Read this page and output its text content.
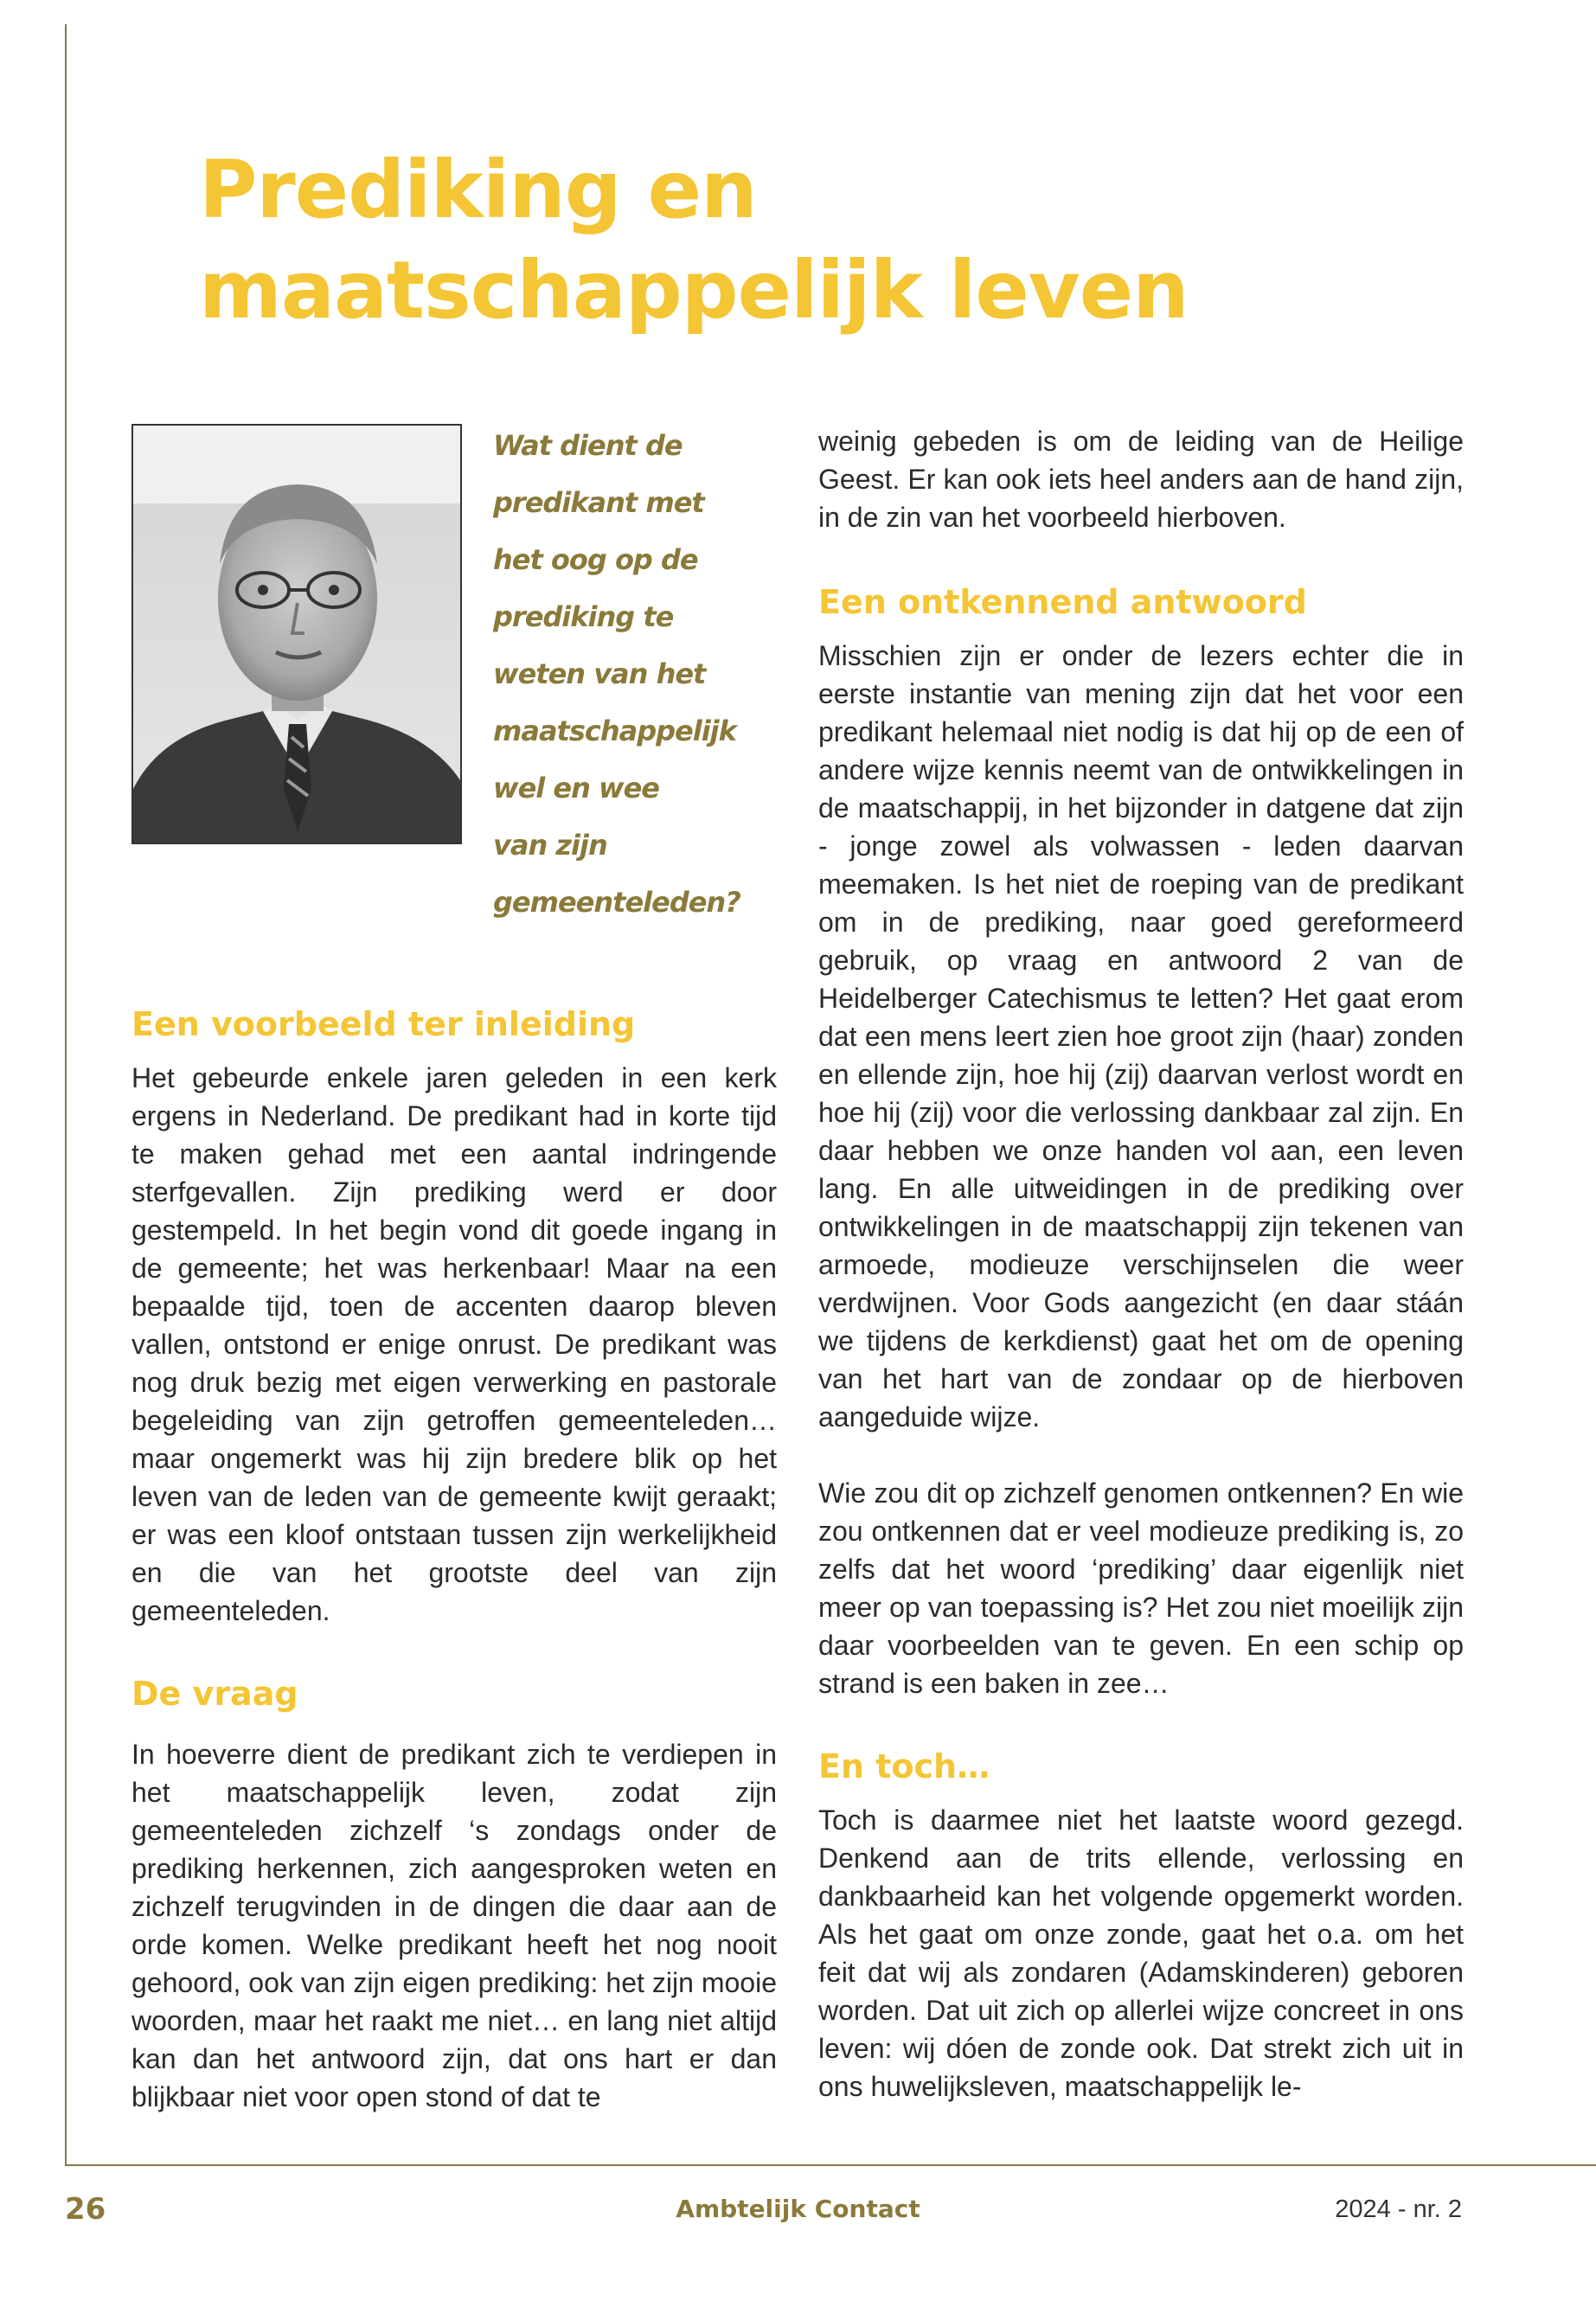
Prediking en
maatschappelijk leven
Wat dient de
predikant met
het oog op de
prediking te
weten van het
maatschappelijk
wel en wee
van zijn
gemeenteleden?
Een voorbeeld ter inleiding

Het gebeurde enkele jaren geleden in een kerk ergens in Nederland. De predikant had in korte tijd te maken gehad met een aantal indringende sterfgevallen. Zijn prediking werd er door gestempeld. In het begin vond dit goede ingang in de gemeente; het was herkenbaar! Maar na een bepaalde tijd, toen de accenten daarop bleven vallen, ontstond er enige onrust. De predikant was nog druk bezig met eigen verwerking en pastorale begeleiding van zijn getroffen gemeenteleden… maar ongemerkt was hij zijn bredere blik op het leven van de leden van de gemeente kwijt geraakt; er was een kloof ontstaan tussen zijn werkelijkheid en die van het grootste deel van zijn gemeenteleden.

De vraag

In hoeverre dient de predikant zich te verdiepen in het maatschappelijk leven, zodat zijn gemeenteleden zichzelf ‘s zondags onder de prediking herkennen, zich aangesproken weten en zichzelf terugvinden in de dingen die daar aan de orde komen. Welke predikant heeft het nog nooit gehoord, ook van zijn eigen prediking: het zijn mooie woorden, maar het raakt me niet… en lang niet altijd kan dan het antwoord zijn, dat ons hart er dan blijkbaar niet voor open stond of dat te

weinig gebeden is om de leiding van de Heilige Geest. Er kan ook iets heel anders aan de hand zijn, in de zin van het voorbeeld hierboven.

Een ontkennend antwoord

Misschien zijn er onder de lezers echter die in eerste instantie van mening zijn dat het voor een predikant helemaal niet nodig is dat hij op de een of andere wijze kennis neemt van de ontwikkelingen in de maatschappij, in het bijzonder in datgene dat zijn - jonge zowel als volwassen - leden daarvan meemaken. Is het niet de roeping van de predikant om in de prediking, naar goed gereformeerd gebruik, op vraag en antwoord 2 van de Heidelberger Catechismus te letten? Het gaat erom dat een mens leert zien hoe groot zijn (haar) zonden en ellende zijn, hoe hij (zij) daarvan verlost wordt en hoe hij (zij) voor die verlossing dankbaar zal zijn. En daar hebben we onze handen vol aan, een leven lang. En alle uitweidingen in de prediking over ontwikkelingen in de maatschappij zijn tekenen van armoede, modieuze verschijnselen die weer verdwijnen. Voor Gods aangezicht (en daar stáán we tijdens de kerkdienst) gaat het om de opening van het hart van de zondaar op de hierboven aangeduide wijze.

Wie zou dit op zichzelf genomen ontkennen? En wie zou ontkennen dat er veel modieuze prediking is, zo zelfs dat het woord ‘prediking’ daar eigenlijk niet meer op van toepassing is? Het zou niet moeilijk zijn daar voorbeelden van te geven. En een schip op strand is een baken in zee…

En toch…

Toch is daarmee niet het laatste woord gezegd. Denkend aan de trits ellende, verlossing en dankbaarheid kan het volgende opgemerkt worden. Als het gaat om onze zonde, gaat het o.a. om het feit dat wij als zondaren (Adamskinderen) geboren worden. Dat uit zich op allerlei wijze concreet in ons leven: wij dóen de zonde ook. Dat strekt zich uit in ons huwelijksleven, maatschappelijk le-

Ambtelijk Contact
26	2024 - nr. 2
